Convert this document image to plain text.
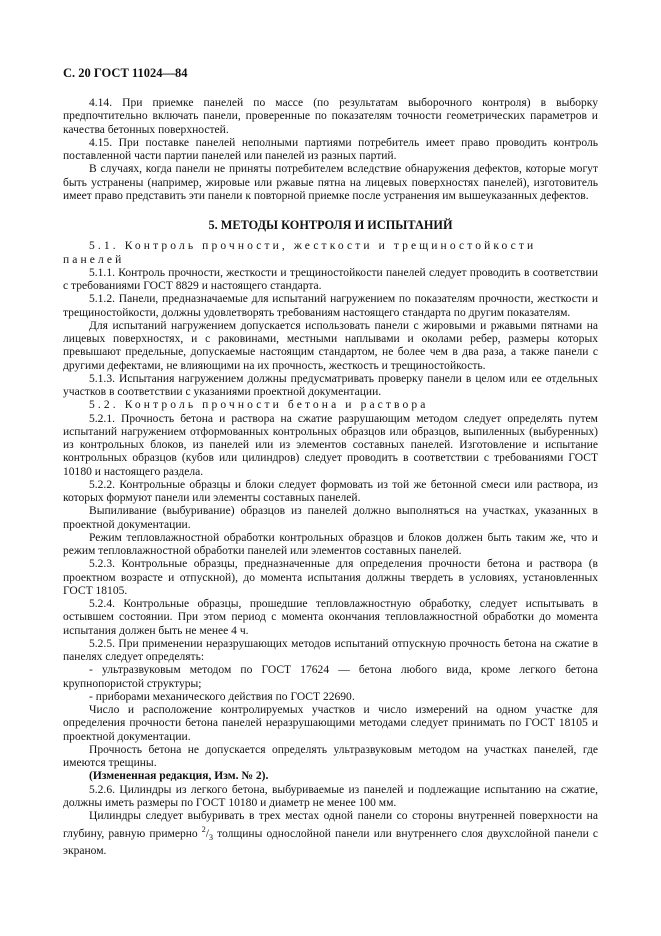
С. 20 ГОСТ 11024—84

4.14. При приемке панелей по массе (по результатам выборочного контроля) в выборку предпочтительно включать панели, проверенные по показателям точности геометрических параметров и качества бетонных поверхностей.

4.15. При поставке панелей неполными партиями потребитель имеет право проводить контроль поставленной части партии панелей или панелей из разных партий.

В случаях, когда панели не приняты потребителем вследствие обнаружения дефектов, которые могут быть устранены (например, жировые или ржавые пятна на лицевых поверхностях панелей), изготовитель имеет право представить эти панели к повторной приемке после устранения им вышеуказанных дефектов.

5. МЕТОДЫ КОНТРОЛЯ И ИСПЫТАНИЙ

5.1. Контроль прочности, жесткости и трещиностойкости панелей

5.1.1. Контроль прочности, жесткости и трещиностойкости панелей следует проводить в соответствии с требованиями ГОСТ 8829 и настоящего стандарта.

5.1.2. Панели, предназначаемые для испытаний нагружением по показателям прочности, жесткости и трещиностойкости, должны удовлетворять требованиям настоящего стандарта по другим показателям.

Для испытаний нагружением допускается использовать панели с жировыми и ржавыми пятнами на лицевых поверхностях, и с раковинами, местными наплывами и околами ребер, размеры которых превышают предельные, допускаемые настоящим стандартом, не более чем в два раза, а также панели с другими дефектами, не влияющими на их прочность, жесткость и трещиностойкость.

5.1.3. Испытания нагружением должны предусматривать проверку панели в целом или ее отдельных участков в соответствии с указаниями проектной документации.

5.2. Контроль прочности бетона и раствора

5.2.1. Прочность бетона и раствора на сжатие разрушающим методом следует определять путем испытаний нагружением отформованных контрольных образцов или образцов, выпиленных (выбуренных) из контрольных блоков, из панелей или из элементов составных панелей. Изготовление и испытание контрольных образцов (кубов или цилиндров) следует проводить в соответствии с требованиями ГОСТ 10180 и настоящего раздела.

5.2.2. Контрольные образцы и блоки следует формовать из той же бетонной смеси или раствора, из которых формуют панели или элементы составных панелей.

Выпиливание (выбуривание) образцов из панелей должно выполняться на участках, указанных в проектной документации.

Режим тепловлажностной обработки контрольных образцов и блоков должен быть таким же, что и режим тепловлажностной обработки панелей или элементов составных панелей.

5.2.3. Контрольные образцы, предназначенные для определения прочности бетона и раствора (в проектном возрасте и отпускной), до момента испытания должны твердеть в условиях, установленных ГОСТ 18105.

5.2.4. Контрольные образцы, прошедшие тепловлажностную обработку, следует испытывать в остывшем состоянии. При этом период с момента окончания тепловлажностной обработки до момента испытания должен быть не менее 4 ч.

5.2.5. При применении неразрушающих методов испытаний отпускную прочность бетона на сжатие в панелях следует определять:

- ультразвуковым методом по ГОСТ 17624 — бетона любого вида, кроме легкого бетона крупнопористой структуры;

- приборами механического действия по ГОСТ 22690.

Число и расположение контролируемых участков и число измерений на одном участке для определения прочности бетона панелей неразрушающими методами следует принимать по ГОСТ 18105 и проектной документации.

Прочность бетона не допускается определять ультразвуковым методом на участках панелей, где имеются трещины.

(Измененная редакция, Изм. № 2).

5.2.6. Цилиндры из легкого бетона, выбуриваемые из панелей и подлежащие испытанию на сжатие, должны иметь размеры по ГОСТ 10180 и диаметр не менее 100 мм.

Цилиндры следует выбуривать в трех местах одной панели со стороны внутренней поверхности на глубину, равную примерно $^2/_3$ толщины однослойной панели или внутреннего слоя двухслойной панели с экраном.
